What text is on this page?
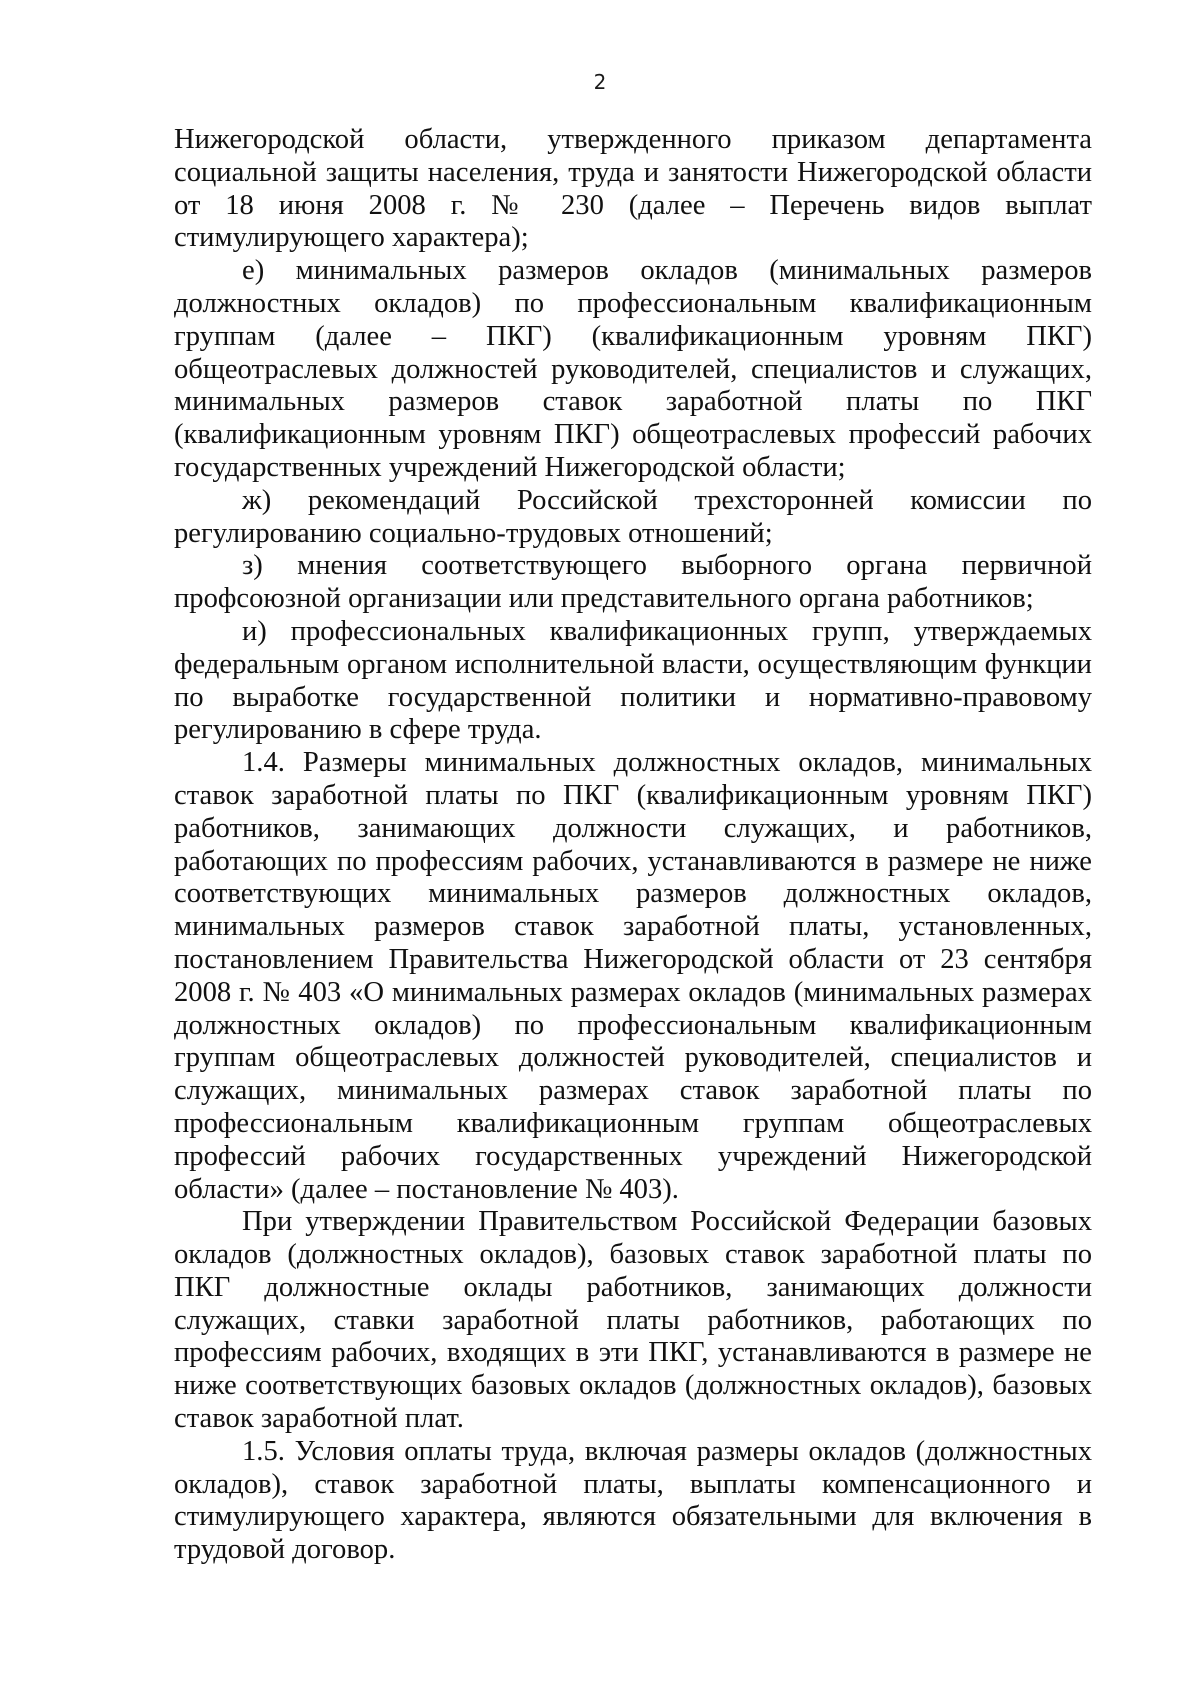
2

Нижегородской области, утвержденного приказом департамента социальной защиты населения, труда и занятости Нижегородской области от 18 июня 2008 г. № 230 (далее – Перечень видов выплат стимулирующего характера);

е) минимальных размеров окладов (минимальных размеров должностных окладов) по профессиональным квалификационным группам (далее – ПКГ) (квалификационным уровням ПКГ) общеотраслевых должностей руководителей, специалистов и служащих, минимальных размеров ставок заработной платы по ПКГ (квалификационным уровням ПКГ) общеотраслевых профессий рабочих государственных учреждений Нижегородской области;

ж) рекомендаций Российской трехсторонней комиссии по регулированию социально-трудовых отношений;

з) мнения соответствующего выборного органа первичной профсоюзной организации или представительного органа работников;

и) профессиональных квалификационных групп, утверждаемых федеральным органом исполнительной власти, осуществляющим функции по выработке государственной политики и нормативно-правовому регулированию в сфере труда.

1.4. Размеры минимальных должностных окладов, минимальных ставок заработной платы по ПКГ (квалификационным уровням ПКГ) работников, занимающих должности служащих, и работников, работающих по профессиям рабочих, устанавливаются в размере не ниже соответствующих минимальных размеров должностных окладов, минимальных размеров ставок заработной платы, установленных, постановлением Правительства Нижегородской области от 23 сентября 2008 г. № 403 «О минимальных размерах окладов (минимальных размерах должностных окладов) по профессиональным квалификационным группам общеотраслевых должностей руководителей, специалистов и служащих, минимальных размерах ставок заработной платы по профессиональным квалификационным группам общеотраслевых профессий рабочих государственных учреждений Нижегородской области» (далее – постановление № 403).

При утверждении Правительством Российской Федерации базовых окладов (должностных окладов), базовых ставок заработной платы по ПКГ должностные оклады работников, занимающих должности служащих, ставки заработной платы работников, работающих по профессиям рабочих, входящих в эти ПКГ, устанавливаются в размере не ниже соответствующих базовых окладов (должностных окладов), базовых ставок заработной плат.

1.5. Условия оплаты труда, включая размеры окладов (должностных окладов), ставок заработной платы, выплаты компенсационного и стимулирующего характера, являются обязательными для включения в трудовой договор.
